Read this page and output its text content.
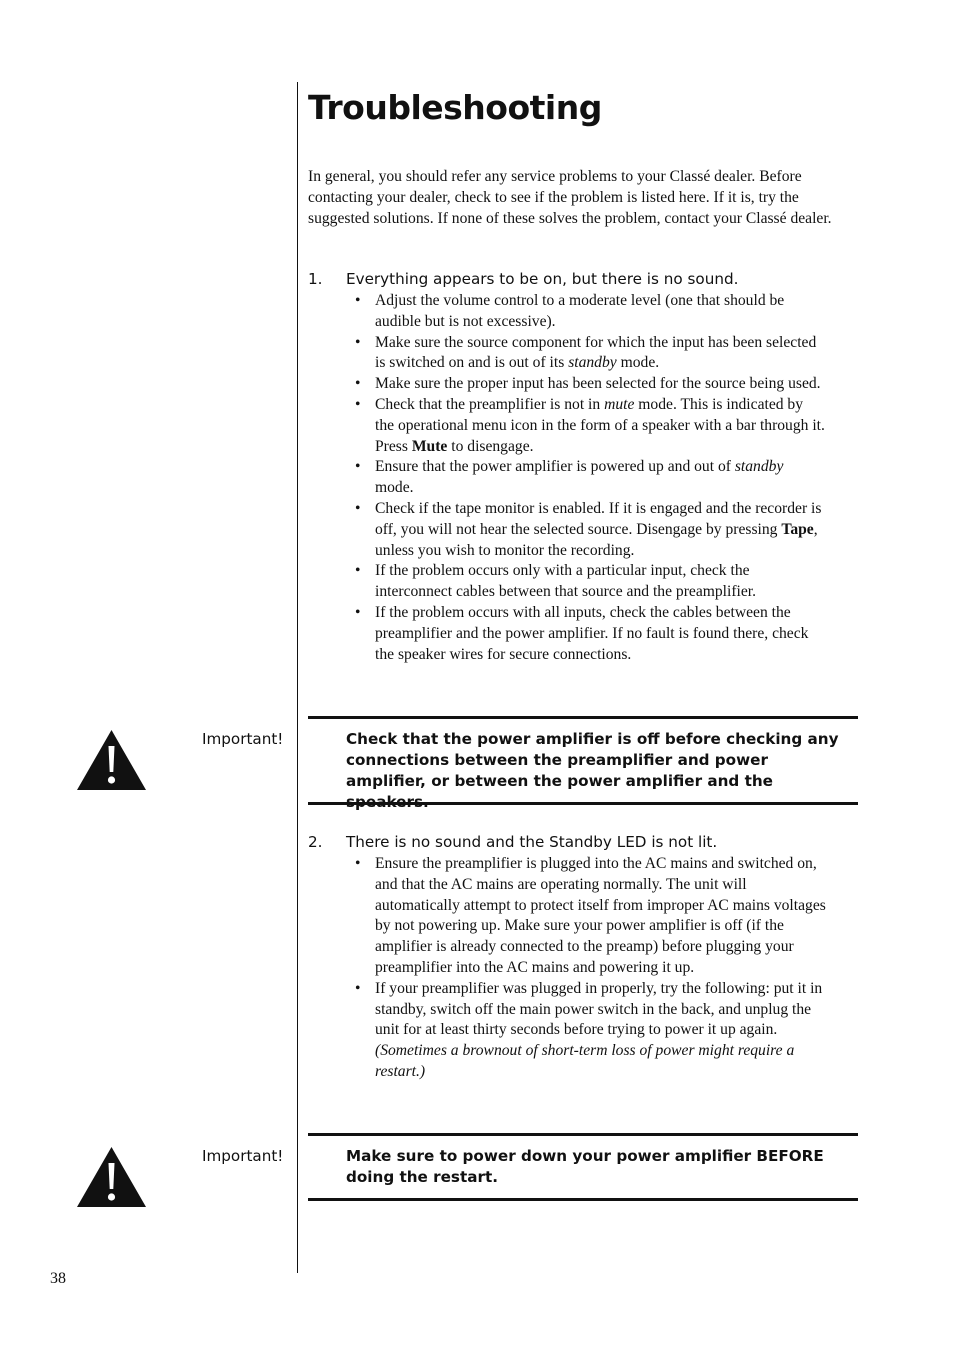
Troubleshooting

In general, you should refer any service problems to your Classé dealer. Before contacting your dealer, check to see if the problem is listed here. If it is, try the suggested solutions. If none of these solves the problem, contact your Classé dealer.

1. Everything appears to be on, but there is no sound.
• Adjust the volume control to a moderate level (one that should be audible but is not excessive).
• Make sure the source component for which the input has been selected is switched on and is out of its standby mode.
• Make sure the proper input has been selected for the source being used.
• Check that the preamplifier is not in mute mode. This is indicated by the operational menu icon in the form of a speaker with a bar through it. Press Mute to disengage.
• Ensure that the power amplifier is powered up and out of standby mode.
• Check if the tape monitor is enabled. If it is engaged and the recorder is off, you will not hear the selected source. Disengage by pressing Tape, unless you wish to monitor the recording.
• If the problem occurs only with a particular input, check the interconnect cables between that source and the preamplifier.
• If the problem occurs with all inputs, check the cables between the preamplifier and the power amplifier. If no fault is found there, check the speaker wires for secure connections.
Important!	Check that the power amplifier is off before checking any connections between the preamplifier and power amplifier, or between the power amplifier and the speakers.
2. There is no sound and the Standby LED is not lit.
• Ensure the preamplifier is plugged into the AC mains and switched on, and that the AC mains are operating normally. The unit will automatically attempt to protect itself from improper AC mains voltages by not powering up. Make sure your power amplifier is off (if the amplifier is already connected to the preamp) before plugging your preamplifier into the AC mains and powering it up.
• If your preamplifier was plugged in properly, try the following: put it in standby, switch off the main power switch in the back, and unplug the unit for at least thirty seconds before trying to power it up again. (Sometimes a brownout of short-term loss of power might require a restart.)
Important!	Make sure to power down your power amplifier BEFORE doing the restart.
38
